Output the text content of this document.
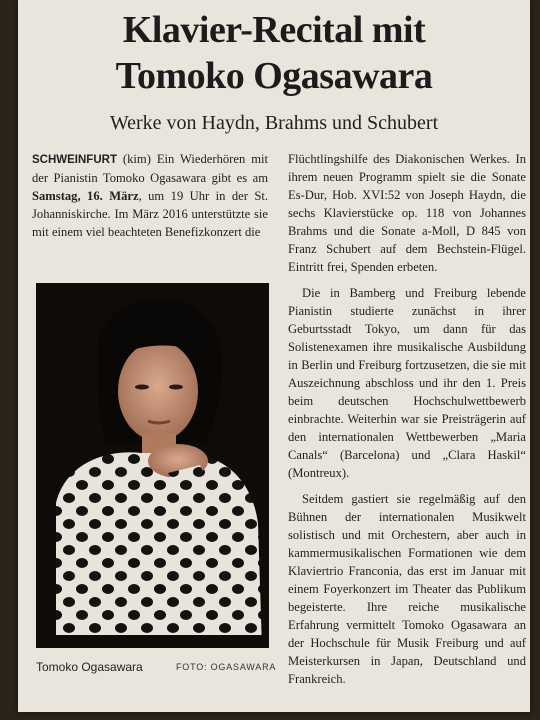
Klavier-Recital mit
Tomoko Ogasawara
Werke von Haydn, Brahms und Schubert

SCHWEINFURT (kim) Ein Wiederhören mit der Pianistin Tomoko Ogasawara gibt es am Samstag, 16. März, um 19 Uhr in der St. Johanniskirche. Im März 2016 unterstützte sie mit einem viel beachteten Benefizkonzert die

Tomoko Ogasawara	FOTO: OGASAWARA

Flüchtlingshilfe des Diakonischen Werkes. In ihrem neuen Programm spielt sie die Sonate Es-Dur, Hob. XVI:52 von Joseph Haydn, die sechs Klavierstücke op. 118 von Johannes Brahms und die Sonate a-Moll, D 845 von Franz Schubert auf dem Bechstein-Flügel. Eintritt frei, Spenden erbeten.

Die in Bamberg und Freiburg lebende Pianistin studierte zunächst in ihrer Geburtsstadt Tokyo, um dann für das Solistenexamen ihre musikalische Ausbildung in Berlin und Freiburg fortzusetzen, die sie mit Auszeichnung abschloss und ihr den 1. Preis beim deutschen Hochschulwettbewerb einbrachte. Weiterhin war sie Preisträgerin auf den internationalen Wettbewerben „Maria Canals“ (Barcelona) und „Clara Haskil“ (Montreux).

Seitdem gastiert sie regelmäßig auf den Bühnen der internationalen Musikwelt solistisch und mit Orchestern, aber auch in kammermusikalischen Formationen wie dem Klaviertrio Franconia, das erst im Januar mit einem Foyerkonzert im Theater das Publikum begeisterte. Ihre reiche musikalische Erfahrung vermittelt Tomoko Ogasawara an der Hochschule für Musik Freiburg und auf Meisterkursen in Japan, Deutschland und Frankreich.
